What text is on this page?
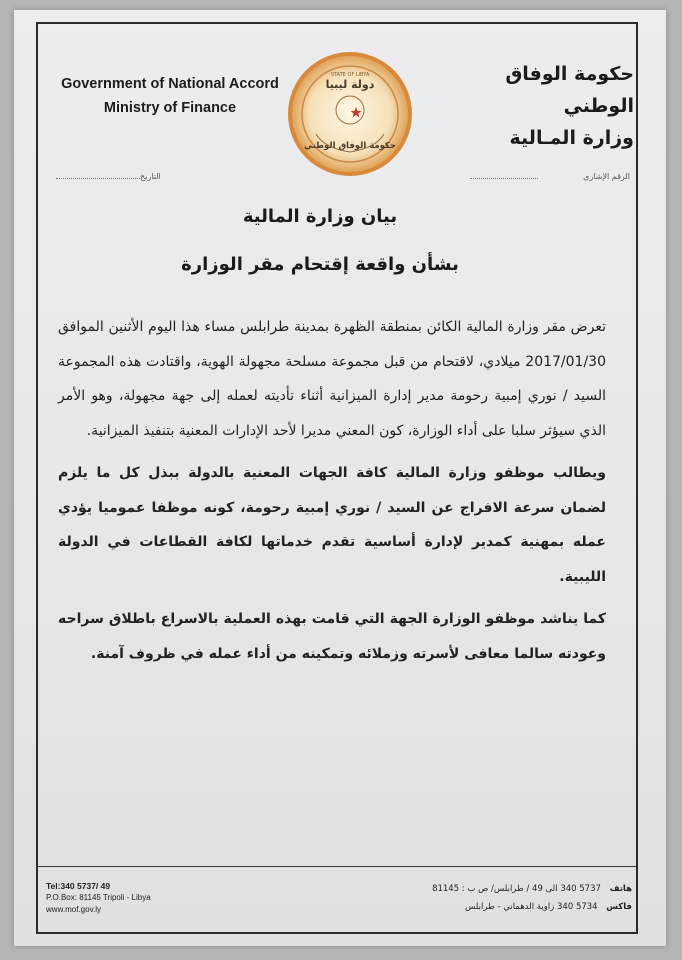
Government of National Accord
Ministry of Finance
حكومة الوفاق الوطني
وزارة المـالية
STATE OF LIBYA
دولة ليبيا
حكومة الوفاق الوطني
التاريخ	الرقم الإشاري
بيان وزارة المالية
بشأن واقعة إقتحام مقر الوزارة

تعرض مقر وزارة المالية الكائن بمنطقة الظهرة بمدينة طرابلس مساء هذا اليوم الأثنين الموافق 2017/01/30 ميلادي، لاقتحام من قبل مجموعة مسلحة مجهولة الهوية، واقتادت هذه المجموعة السيد / نوري إمبية رحومة مدير إدارة الميزانية أثناء تأديته لعمله إلى جهة مجهولة، وهو الأمر الذي سيؤثر سلبا على أداء الوزارة، كون المعني مديرا لأحد الإدارات المعنية بتنفيذ الميزانية.

ويطالب موظفو وزارة المالية كافة الجهات المعنية بالدولة ببذل كل ما يلزم لضمان سرعة الافراج عن السيد / نوري إمبية رحومة، كونه موظفا عموميا يؤدي عمله بمهنية كمدير لإدارة أساسية تقدم خدماتها لكافة القطاعات في الدولة الليبية.

كما يناشد موظفو الوزارة الجهة التي قامت بهذه العملية بالاسراع باطلاق سراحه وعودته سالما معافى لأسرته وزملائه وتمكينه من أداء عمله في ظروف آمنة.

Tel:340 5737/ 49
P.O.Box: 81145 Tripoli - Libya
www.mof.gov.ly
هاتف 5737 340 الى 49 / طرابلس/ ص ب : 81145
فاكس 5734 340 زاوية الدهماني - طرابلس
